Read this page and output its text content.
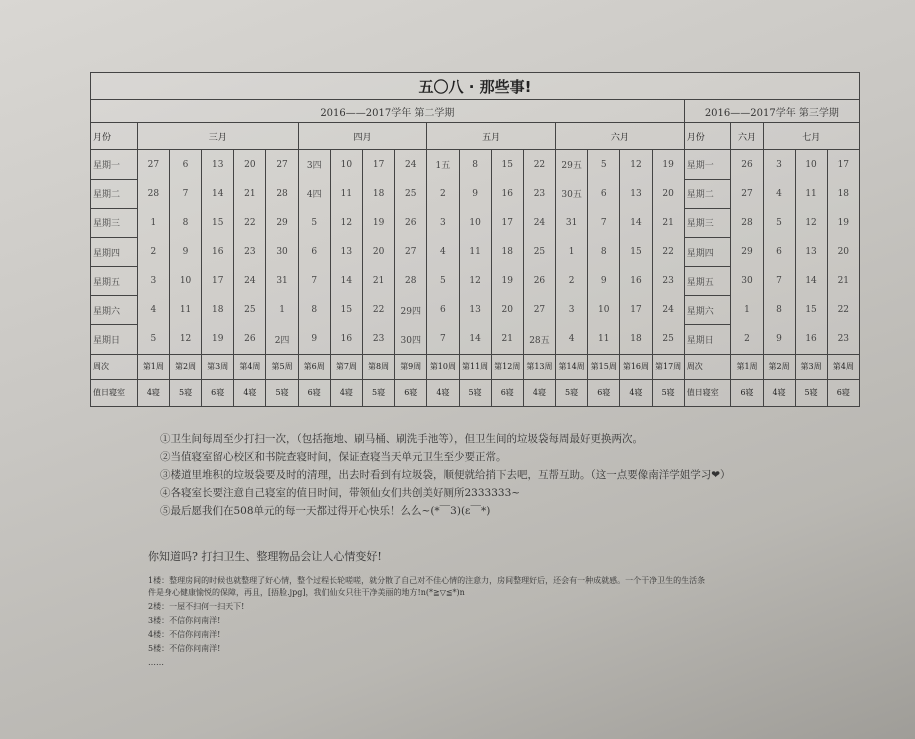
五〇八 · 那些事!																						
2016——2017学年 第二学期																		2016——2017学年 第三学期				
月份	三月					四月				五月				六月				月份	六月	七月		
星期一	27	6	13	20	27	3四	10	17	24	1五	8	15	22	29五	5	12	19	星期一	26	3	10	17
星期二	28	7	14	21	28	4四	11	18	25	2	9	16	23	30五	6	13	20	星期二	27	4	11	18
星期三	1	8	15	22	29	5	12	19	26	3	10	17	24	31	7	14	21	星期三	28	5	12	19
星期四	2	9	16	23	30	6	13	20	27	4	11	18	25	1	8	15	22	星期四	29	6	13	20
星期五	3	10	17	24	31	7	14	21	28	5	12	19	26	2	9	16	23	星期五	30	7	14	21
星期六	4	11	18	25	1	8	15	22	29四	6	13	20	27	3	10	17	24	星期六	1	8	15	22
星期日	5	12	19	26	2四	9	16	23	30四	7	14	21	28五	4	11	18	25	星期日	2	9	16	23
周次	第1周	第2周	第3周	第4周	第5周	第6周	第7周	第8周	第9周	第10周	第11周	第12周	第13周	第14周	第15周	第16周	第17周	周次	第1周	第2周	第3周	第4周
值日寝室	4寝	5寝	6寝	4寝	5寝	6寝	4寝	5寝	6寝	4寝	5寝	6寝	4寝	5寝	6寝	4寝	5寝	值日寝室	6寝	4寝	5寝	6寝
①卫生间每周至少打扫一次，（包括拖地、刷马桶、刷洗手池等），但卫生间的垃圾袋每周最好更换两次。
②当值寝室留心校区和书院查寝时间，保证查寝当天单元卫生至少要正常。
③楼道里堆积的垃圾袋要及时的清理，出去时看到有垃圾袋，顺便就给捎下去吧，互帮互助。（这一点要像南洋学姐学习❤）
④各寝室长要注意自己寝室的值日时间，带领仙女们共创美好厕所2333333~
⑤最后愿我们在508单元的每一天都过得开心快乐！么么~(*￣3)(ε￣*)
你知道吗? 打扫卫生、整理物品会让人心情变好!
1楼：整理房间的时候也就整理了好心情，整个过程长轮嗟嗟，就分散了自己对不佳心情的注意力，房间整理好后，还会有一种成就感。一个干净卫生的生活条件是身心健康愉悦的保障，再且，[捂脸.jpg]，我们仙女只往干净美丽的地方!n(*≧▽≦*)n
2楼：一屋不扫何一扫天下!
3楼：不信你问南洋!
4楼：不信你问南洋!
5楼：不信你问南洋!
……
